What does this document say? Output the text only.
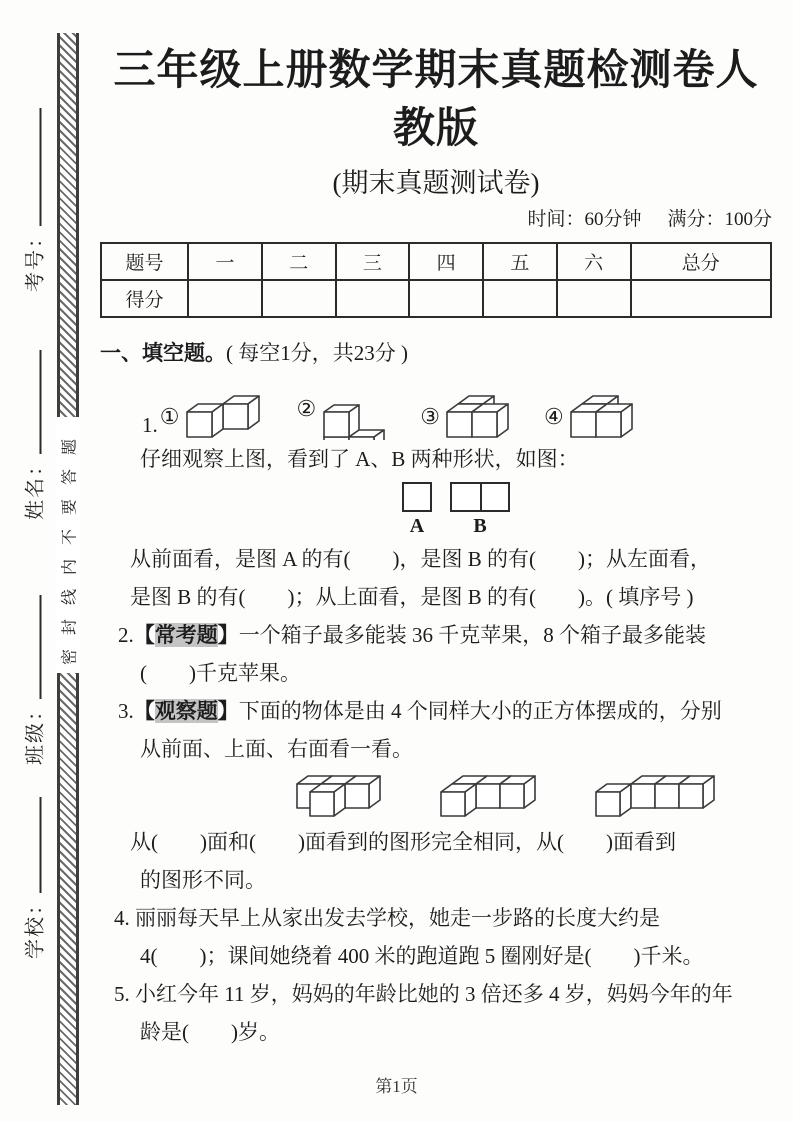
密封线内不要答题
考号：
姓名：
班级：
学校：
三年级上册数学期末真题检测卷人教版
(期末真题测试卷)
时间：60分钟 满分：100分
题号	一	二	三	四	五	六	总分
得分							
一、填空题。( 每空1分，共23分 )
1. ①	②	③	④
仔细观察上图，看到了 A、B 两种形状，如图：
A B
从前面看，是图 A 的有(　　)，是图 B 的有(　　)；从左面看，
是图 B 的有(　　)；从上面看，是图 B 的有(　　)。( 填序号 )
2.【常考题】一个箱子最多能装 36 千克苹果，8 个箱子最多能装
(　　)千克苹果。
3.【观察题】下面的物体是由 4 个同样大小的正方体摆成的，分别
从前面、上面、右面看一看。
从(　　)面和(　　)面看到的图形完全相同，从(　　)面看到
的图形不同。
4. 丽丽每天早上从家出发去学校，她走一步路的长度大约是
4(　　)；课间她绕着 400 米的跑道跑 5 圈刚好是(　　)千米。
5. 小红今年 11 岁，妈妈的年龄比她的 3 倍还多 4 岁，妈妈今年的年
龄是(　　)岁。
第1页
